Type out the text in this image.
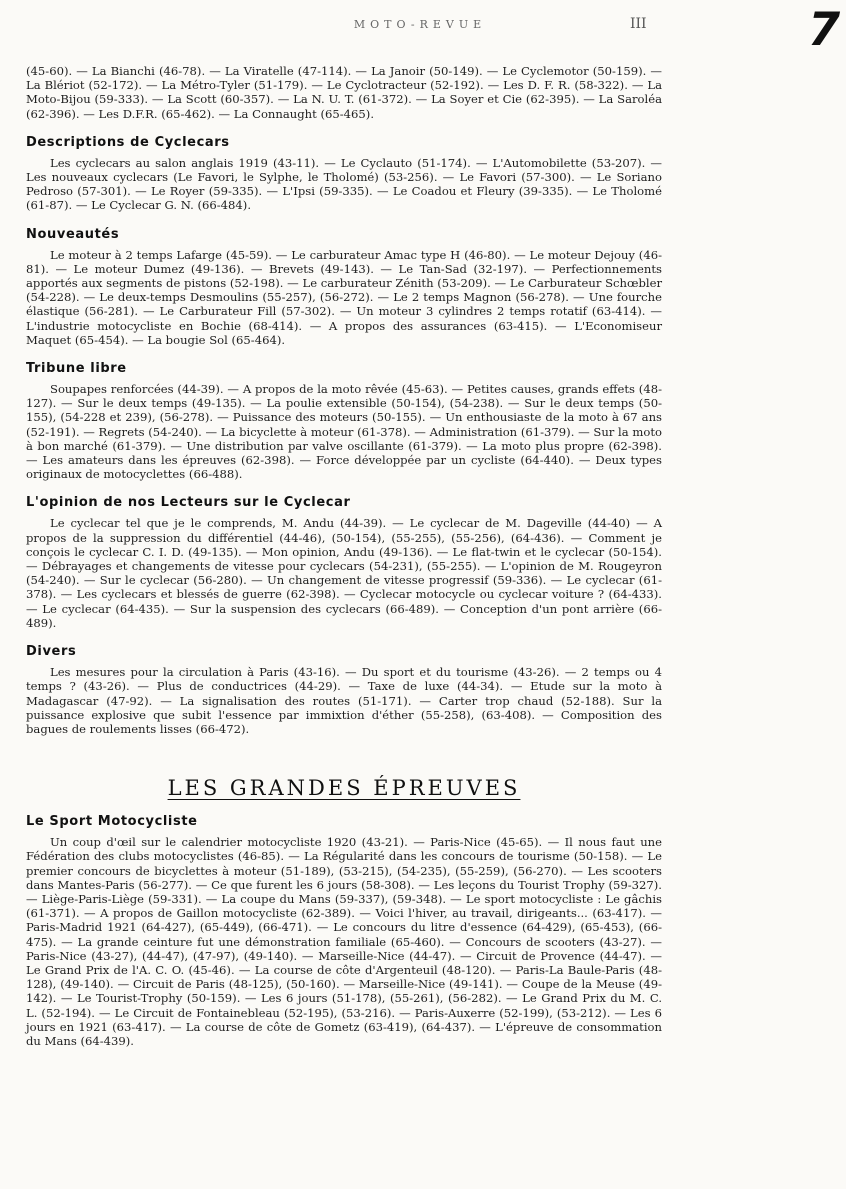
MOTO-REVUE	III	7

(45-60). — La Bianchi (46-78). — La Viratelle (47-114). — La Janoir (50-149). — Le Cyclemotor (50-159). — La Blériot (52-172). — La Métro-Tyler (51-179). — Le Cyclotracteur (52-192). — Les D. F. R. (58-322). — La Moto-Bijou (59-333). — La Scott (60-357). — La N. U. T. (61-372). — La Soyer et Cie (62-395). — La Saroléa (62-396). — Les D.F.R. (65-462). — La Connaught (65-465).

Descriptions de Cyclecars

Les cyclecars au salon anglais 1919 (43-11). — Le Cyclauto (51-174). — L'Automobilette (53-207). — Les nouveaux cyclecars (Le Favori, le Sylphe, le Tholomé) (53-256). — Le Favori (57-300). — Le Soriano Pedroso (57-301). — Le Royer (59-335). — L'Ipsi (59-335). — Le Coadou et Fleury (39-335). — Le Tholomé (61-87). — Le Cyclecar G. N. (66-484).

Nouveautés

Le moteur à 2 temps Lafarge (45-59). — Le carburateur Amac type H (46-80). — Le moteur Dejouy (46-81). — Le moteur Dumez (49-136). — Brevets (49-143). — Le Tan-Sad (32-197). — Perfectionnements apportés aux segments de pistons (52-198). — Le carburateur Zénith (53-209). — Le Carburateur Schœbler (54-228). — Le deux-temps Desmoulins (55-257), (56-272). — Le 2 temps Magnon (56-278). — Une fourche élastique (56-281). — Le Carburateur Fill (57-302). — Un moteur 3 cylindres 2 temps rotatif (63-414). — L'industrie motocycliste en Bochie (68-414). — A propos des assurances (63-415). — L'Economiseur Maquet (65-454). — La bougie Sol (65-464).

Tribune libre

Soupapes renforcées (44-39). — A propos de la moto rêvée (45-63). — Petites causes, grands effets (48-127). — Sur le deux temps (49-135). — La poulie extensible (50-154), (54-238). — Sur le deux temps (50-155), (54-228 et 239), (56-278). — Puissance des moteurs (50-155). — Un enthousiaste de la moto à 67 ans (52-191). — Regrets (54-240). — La bicyclette à moteur (61-378). — Administration (61-379). — Sur la moto à bon marché (61-379). — Une distribution par valve oscillante (61-379). — La moto plus propre (62-398). — Les amateurs dans les épreuves (62-398). — Force développée par un cycliste (64-440). — Deux types originaux de motocyclettes (66-488).

L'opinion de nos Lecteurs sur le Cyclecar

Le cyclecar tel que je le comprends, M. Andu (44-39). — Le cyclecar de M. Dageville (44-40) — A propos de la suppression du différentiel (44-46), (50-154), (55-255), (55-256), (64-436). — Comment je conçois le cyclecar C. I. D. (49-135). — Mon opinion, Andu (49-136). — Le flat-twin et le cyclecar (50-154). — Débrayages et changements de vitesse pour cyclecars (54-231), (55-255). — L'opinion de M. Rougeyron (54-240). — Sur le cyclecar (56-280). — Un changement de vitesse progressif (59-336). — Le cyclecar (61-378). — Les cyclecars et blessés de guerre (62-398). — Cyclecar motocycle ou cyclecar voiture ? (64-433). — Le cyclecar (64-435). — Sur la suspension des cyclecars (66-489). — Conception d'un pont arrière (66-489).

Divers

Les mesures pour la circulation à Paris (43-16). — Du sport et du tourisme (43-26). — 2 temps ou 4 temps ? (43-26). — Plus de conductrices (44-29). — Taxe de luxe (44-34). — Etude sur la moto à Madagascar (47-92). — La signalisation des routes (51-171). — Carter trop chaud (52-188). Sur la puissance explosive que subit l'essence par immixtion d'éther (55-258), (63-408). — Composition des bagues de roulements lisses (66-472).

LES GRANDES ÉPREUVES
Le Sport Motocycliste

Un coup d'œil sur le calendrier motocycliste 1920 (43-21). — Paris-Nice (45-65). — Il nous faut une Fédération des clubs motocyclistes (46-85). — La Régularité dans les concours de tourisme (50-158). — Le premier concours de bicyclettes à moteur (51-189), (53-215), (54-235), (55-259), (56-270). — Les scooters dans Mantes-Paris (56-277). — Ce que furent les 6 jours (58-308). — Les leçons du Tourist Trophy (59-327). — Liège-Paris-Liège (59-331). — La coupe du Mans (59-337), (59-348). — Le sport motocycliste : Le gâchis (61-371). — A propos de Gaillon motocycliste (62-389). — Voici l'hiver, au travail, dirigeants... (63-417). — Paris-Madrid 1921 (64-427), (65-449), (66-471). — Le concours du litre d'essence (64-429), (65-453), (66-475). — La grande ceinture fut une démonstration familiale (65-460). — Concours de scooters (43-27). — Paris-Nice (43-27), (44-47), (47-97), (49-140). — Marseille-Nice (44-47). — Circuit de Provence (44-47). — Le Grand Prix de l'A. C. O. (45-46). — La course de côte d'Argenteuil (48-120). — Paris-La Baule-Paris (48-128), (49-140). — Circuit de Paris (48-125), (50-160). — Marseille-Nice (49-141). — Coupe de la Meuse (49-142). — Le Tourist-Trophy (50-159). — Les 6 jours (51-178), (55-261), (56-282). — Le Grand Prix du M. C. L. (52-194). — Le Circuit de Fontainebleau (52-195), (53-216). — Paris-Auxerre (52-199), (53-212). — Les 6 jours en 1921 (63-417). — La course de côte de Gometz (63-419), (64-437). — L'épreuve de consommation du Mans (64-439).
